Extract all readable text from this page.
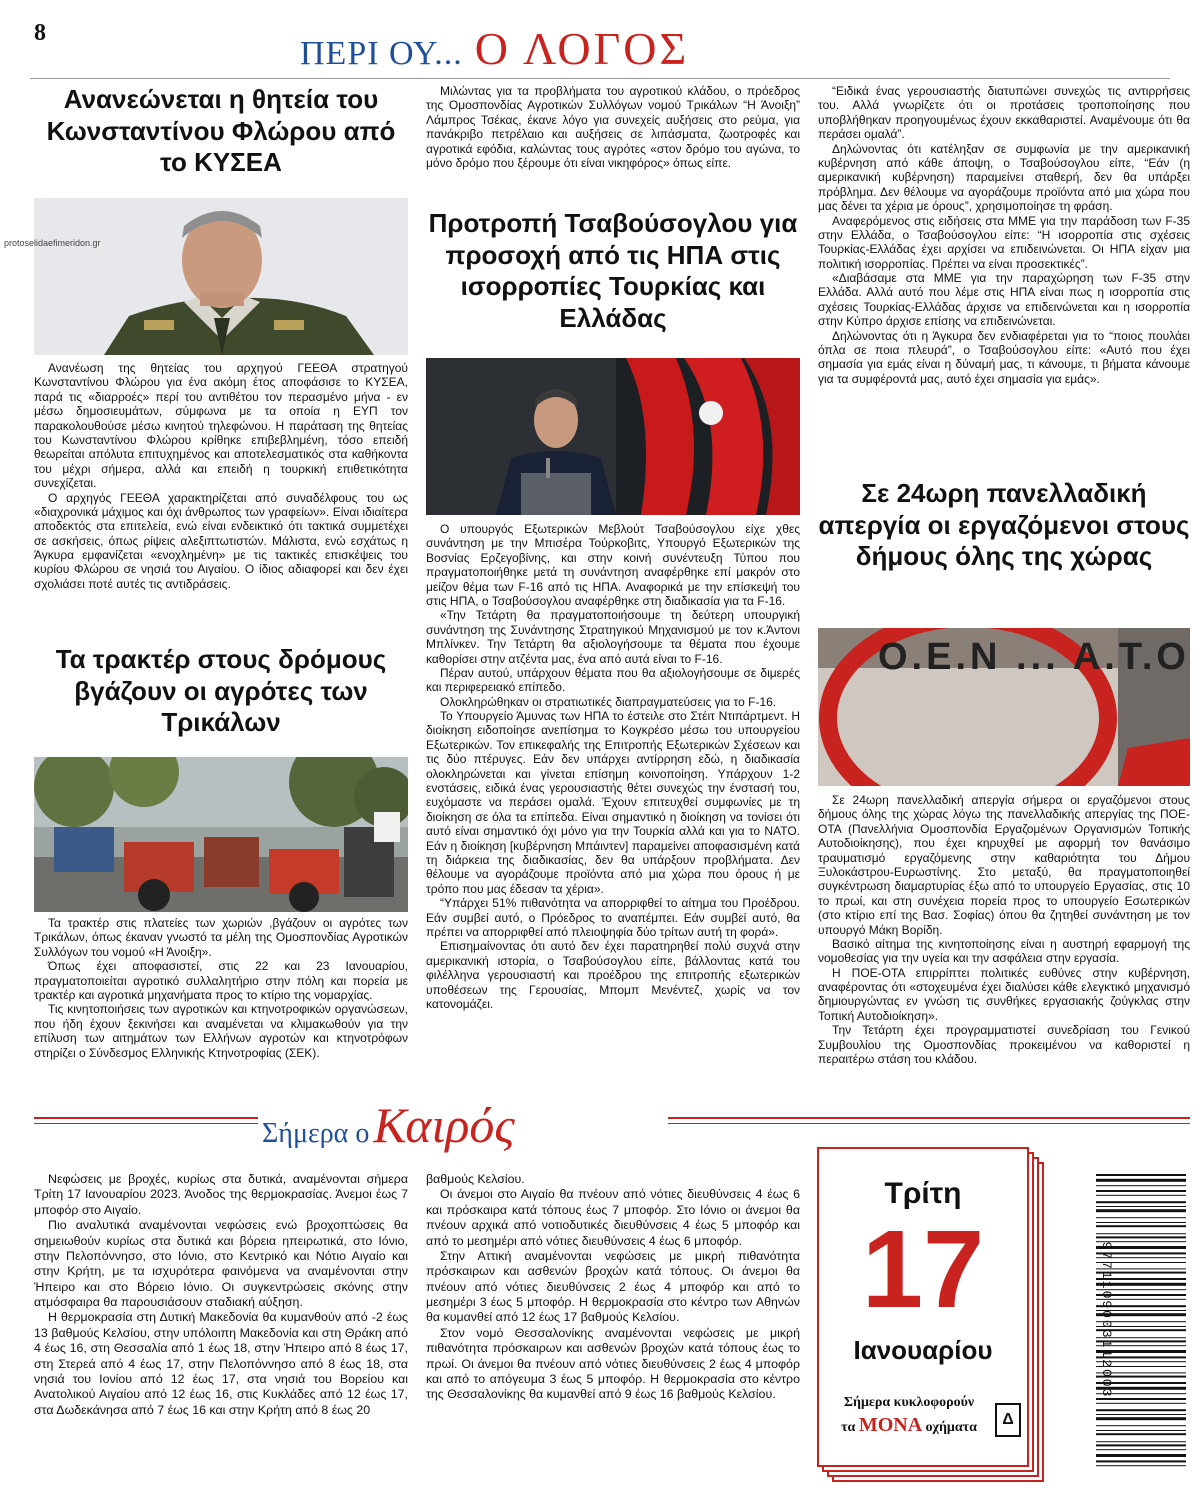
8
ΠΕΡΙ ΟΥ... Ο ΛΟΓΟΣ
Ανανεώνεται η θητεία του Κωνσταντίνου Φλώρου από το ΚΥΣΕΑ
protoselidaefimeridon.gr

Ανανέωση της θητείας του αρχηγού ΓΕΕΘΑ στρατηγού Κωνσταντίνου Φλώρου για ένα ακόμη έτος αποφάσισε το ΚΥΣΕΑ, παρά τις «διαρροές» περί του αντιθέτου τον περασμένο μήνα - εν μέσω δημοσιευμάτων, σύμφωνα με τα οποία η ΕΥΠ τον παρακολουθούσε μέσω κινητού τηλεφώνου. Η παράταση της θητείας του Κωνσταντίνου Φλώρου κρίθηκε επιβεβλημένη, τόσο επειδή θεωρείται απόλυτα επιτυχημένος και αποτελεσματικός στα καθήκοντα του μέχρι σήμερα, αλλά και επειδή η τουρκική επιθετικότητα συνεχίζεται.

Ο αρχηγός ΓΕΕΘΑ χαρακτηρίζεται από συναδέλφους του ως «διαχρονικά μάχιμος και όχι άνθρωπος των γραφείων». Είναι ιδιαίτερα αποδεκτός στα επιτελεία, ενώ είναι ενδεικτικό ότι τακτικά συμμετέχει σε ασκήσεις, όπως ρίψεις αλεξιπτωτιστών. Μάλιστα, ενώ εσχάτως η Άγκυρα εμφανίζεται «ενοχλημένη» με τις τακτικές επισκέψεις του κυρίου Φλώρου σε νησιά του Αιγαίου. Ο ίδιος αδιαφορεί και δεν έχει σχολιάσει ποτέ αυτές τις αντιδράσεις.

Τα τρακτέρ στους δρόμους βγάζουν οι αγρότες των Τρικάλων

Τα τρακτέρ στις πλατείες των χωριών ,βγάζουν οι αγρότες των Τρικάλων, όπως έκαναν γνωστό τα μέλη της Ομοσπονδίας Αγροτικών Συλλόγων του νομού «Η Άνοιξη».

Όπως έχει αποφασιστεί, στις 22 και 23 Ιανουαρίου, πραγματοποιείται αγροτικό συλλαλητήριο στην πόλη και πορεία με τρακτέρ και αγροτικά μηχανήματα προς το κτίριο της νομαρχίας.

Τις κινητοποιήσεις των αγροτικών και κτηνοτροφικών οργανώσεων, που ήδη έχουν ξεκινήσει και αναμένεται να κλιμακωθούν για την επίλυση των αιτημάτων των Ελλήνων αγροτών και κτηνοτρόφων στηρίζει ο Σύνδεσμος Ελληνικής Κτηνοτροφίας (ΣΕΚ).

Μιλώντας για τα προβλήματα του αγροτικού κλάδου, ο πρόεδρος της Ομοσπονδίας Αγροτικών Συλλόγων νομού Τρικάλων “Η Άνοιξη” Λάμπρος Τσέκας, έκανε λόγο για συνεχείς αυξήσεις στο ρεύμα, για πανάκριβο πετρέλαιο και αυξήσεις σε λιπάσματα, ζωοτροφές και αγροτικά εφόδια, καλώντας τους αγρότες «στον δρόμο του αγώνα, το μόνο δρόμο που ξέρουμε ότι είναι νικηφόρος» όπως είπε.

Προτροπή Τσαβούσογλου για προσοχή από τις ΗΠΑ στις ισορροπίες Τουρκίας και Ελλάδας

Ο υπουργός Εξωτερικών Μεβλούτ Τσαβούσογλου είχε χθες συνάντηση με την Μπισέρα Τούρκοβιτς, Υπουργό Εξωτερικών της Βοσνίας Ερζεγοβίνης, και στην κοινή συνέντευξη Τύπου που πραγματοποιήθηκε μετά τη συνάντηση αναφέρθηκε επί μακρόν στο μείζον θέμα των F-16 από τις ΗΠΑ. Αναφορικά με την επίσκεψή του στις ΗΠΑ, ο Τσαβούσογλου αναφέρθηκε στη διαδικασία για τα F-16.

«Την Τετάρτη θα πραγματοποιήσουμε τη δεύτερη υπουργική συνάντηση της Συνάντησης Στρατηγικού Μηχανισμού με τον κ.Άντονι Μπλίνκεν. Την Τετάρτη θα αξιολογήσουμε τα θέματα που έχουμε καθορίσει στην ατζέντα μας, ένα από αυτά είναι το F-16.

Πέραν αυτού, υπάρχουν θέματα που θα αξιολογήσουμε σε διμερές και περιφερειακό επίπεδο.

Ολοκληρώθηκαν οι στρατιωτικές διαπραγματεύσεις για το F-16.

Το Υπουργείο Άμυνας των ΗΠΑ το έστειλε στο Στέιτ Ντιπάρτμεντ. Η διοίκηση ειδοποίησε ανεπίσημα το Κογκρέσο μέσω του υπουργείου Εξωτερικών. Τον επικεφαλής της Επιτροπής Εξωτερικών Σχέσεων και τις δύο πτέρυγες. Εάν δεν υπάρχει αντίρρηση εδώ, η διαδικασία ολοκληρώνεται και γίνεται επίσημη κοινοποίηση. Υπάρχουν 1-2 ενστάσεις, ειδικά ένας γερουσιαστής θέτει συνεχώς την ένστασή του, ευχόμαστε να περάσει ομαλά. Έχουν επιτευχθεί συμφωνίες με τη διοίκηση σε όλα τα επίπεδα. Είναι σημαντικό η διοίκηση να τονίσει ότι αυτό είναι σημαντικό όχι μόνο για την Τουρκία αλλά και για το ΝΑΤΟ. Εάν η διοίκηση [κυβέρνηση Μπάιντεν] παραμείνει αποφασισμένη κατά τη διάρκεια της διαδικασίας, δεν θα υπάρξουν προβλήματα. Δεν θέλουμε να αγοράζουμε προϊόντα από μια χώρα που όρους ή με τρόπο που μας έδεσαν τα χέρια».

“Υπάρχει 51% πιθανότητα να απορριφθεί το αίτημα του Προέδρου. Εάν συμβεί αυτό, ο Πρόεδρος το αναπέμπει. Εάν συμβεί αυτό, θα πρέπει να απορριφθεί από πλειοψηφία δύο τρίτων αυτή τη φορά».

Επισημαίνοντας ότι αυτό δεν έχει παρατηρηθεί πολύ συχνά στην αμερικανική ιστορία, ο Τσαβούσογλου είπε, βάλλοντας κατά του φιλέλληνα γερουσιαστή και προέδρου της επιτροπής εξωτερικών υποθέσεων της Γερουσίας, Μπομπ Μενέντεζ, χωρίς να τον κατονομάζει.

“Ειδικά ένας γερουσιαστής διατυπώνει συνεχώς τις αντιρρήσεις του. Αλλά γνωρίζετε ότι οι προτάσεις τροποποίησης που υποβλήθηκαν προηγουμένως έχουν εκκαθαριστεί. Αναμένουμε ότι θα περάσει ομαλά”.

Δηλώνοντας ότι κατέληξαν σε συμφωνία με την αμερικανική κυβέρνηση από κάθε άποψη, ο Τσαβούσογλου είπε, “Εάν (η αμερικανική κυβέρνηση) παραμείνει σταθερή, δεν θα υπάρξει πρόβλημα. Δεν θέλουμε να αγοράζουμε προϊόντα από μια χώρα που μας δένει τα χέρια με όρους”, χρησιμοποίησε τη φράση.

Αναφερόμενος στις ειδήσεις στα ΜΜΕ για την παράδοση των F-35 στην Ελλάδα, ο Τσαβούσογλου είπε: “Η ισορροπία στις σχέσεις Τουρκίας-Ελλάδας έχει αρχίσει να επιδεινώνεται. Οι ΗΠΑ είχαν μια πολιτική ισορροπίας. Πρέπει να είναι προσεκτικές”.

«Διαβάσαμε στα ΜΜΕ για την παραχώρηση των F-35 στην Ελλάδα. Αλλά αυτό που λέμε στις ΗΠΑ είναι πως η ισορροπία στις σχέσεις Τουρκίας-Ελλάδας άρχισε να επιδεινώνεται και η ισορροπία στην Κύπρο άρχισε επίσης να επιδεινώνεται.

Δηλώνοντας ότι η Άγκυρα δεν ενδιαφέρεται για το “ποιος πουλάει όπλα σε ποια πλευρά”, ο Τσαβούσογλου είπε: «Αυτό που έχει σημασία για εμάς είναι η δύναμή μας, τι κάνουμε, τι βήματα κάνουμε για τα συμφέροντά μας, αυτό έχει σημασία για εμάς».

Σε 24ωρη πανελλαδική απεργία οι εργαζόμενοι στους δήμους όλης της χώρας
Ο.Ε.Ν ... Α.Τ.Ο

Σε 24ωρη πανελλαδική απεργία σήμερα οι εργαζόμενοι στους δήμους όλης της χώρας λόγω της πανελλαδικής απεργίας της ΠΟΕ-ΟΤΑ (Πανελλήνια Ομοσπονδία Εργαζομένων Οργανισμών Τοπικής Αυτοδιοίκησης), που έχει κηρυχθεί με αφορμή τον θανάσιμο τραυματισμό εργαζόμενης στην καθαριότητα του Δήμου Ξυλοκάστρου-Ευρωστίνης. Στο μεταξύ, θα πραγματοποιηθεί συγκέντρωση διαμαρτυρίας έξω από το υπουργείο Εργασίας, στις 10 το πρωί, και στη συνέχεια πορεία προς το υπουργείο Εσωτερικών (στο κτίριο επί της Βασ. Σοφίας) όπου θα ζητηθεί συνάντηση με τον υπουργό Μάκη Βορίδη.

Βασικό αίτημα της κινητοποίησης είναι η αυστηρή εφαρμογή της νομοθεσίας για την υγεία και την ασφάλεια στην εργασία.

Η ΠΟΕ-ΟΤΑ επιρρίπτει πολιτικές ευθύνες στην κυβέρνηση, αναφέροντας ότι «στοχευμένα έχει διαλύσει κάθε ελεγκτικό μηχανισμό δημιουργώντας εν γνώση τις συνθήκες εργασιακής ζούγκλας στην Τοπική Αυτοδιοίκηση».

Την Τετάρτη έχει προγραμματιστεί συνεδρίαση του Γενικού Συμβουλίου της Ομοσπονδίας προκειμένου να καθοριστεί η περαιτέρω στάση του κλάδου.

Σήμερα ο Καιρός

Νεφώσεις με βροχές, κυρίως στα δυτικά, αναμένονται σήμερα Τρίτη 17 Ιανουαρίου 2023. Άνοδος της θερμοκρασίας. Άνεμοι έως 7 μποφόρ στο Αιγαίο.

Πιο αναλυτικά αναμένονται νεφώσεις ενώ βροχοπτώσεις θα σημειωθούν κυρίως στα δυτικά και βόρεια ηπειρωτικά, στο Ιόνιο, στην Πελοπόννησο, στο Ιόνιο, στο Κεντρικό και Νότιο Αιγαίο και στην Κρήτη, με τα ισχυρότερα φαινόμενα να αναμένονται στην Ήπειρο και στο Βόρειο Ιόνιο. Οι συγκεντρώσεις σκόνης στην ατμόσφαιρα θα παρουσιάσουν σταδιακή αύξηση.

Η θερμοκρασία στη Δυτική Μακεδονία θα κυμανθούν από -2 έως 13 βαθμούς Κελσίου, στην υπόλοιπη Μακεδονία και στη Θράκη από 4 έως 16, στη Θεσσαλία από 1 έως 18, στην Ήπειρο από 8 έως 17, στη Στερεά από 4 έως 17, στην Πελοπόννησο από 8 έως 18, στα νησιά του Ιονίου από 12 έως 17, στα νησιά του Βορείου και Ανατολικού Αιγαίου από 12 έως 16, στις Κυκλάδες από 12 έως 17, στα Δωδεκάνησα από 7 έως 16 και στην Κρήτη από 8 έως 20

βαθμούς Κελσίου.

Οι άνεμοι στο Αιγαίο θα πνέουν από νότιες διευθύνσεις 4 έως 6 και πρόσκαιρα κατά τόπους έως 7 μποφόρ. Στο Ιόνιο οι άνεμοι θα πνέουν αρχικά από νοτιοδυτικές διευθύνσεις 4 έως 5 μποφόρ και από το μεσημέρι από νότιες διευθύνσεις 4 έως 6 μποφόρ.

Στην Αττική αναμένονται νεφώσεις με μικρή πιθανότητα πρόσκαιρων και ασθενών βροχών κατά τόπους. Οι άνεμοι θα πνέουν από νότιες διευθύνσεις 2 έως 4 μποφόρ και από το μεσημέρι 3 έως 5 μποφόρ. Η θερμοκρασία στο κέντρο των Αθηνών θα κυμανθεί από 12 έως 17 βαθμούς Κελσίου.

Στον νομό Θεσσαλονίκης αναμένονται νεφώσεις με μικρή πιθανότητα πρόσκαιρων και ασθενών βροχών κατά τόπους έως το πρωί. Οι άνεμοι θα πνέουν από νότιες διευθύνσεις 2 έως 4 μποφόρ και από το απόγευμα 3 έως 5 μποφόρ. Η θερμοκρασία στο κέντρο της Θεσσαλονίκης θα κυμανθεί από 9 έως 16 βαθμούς Κελσίου.

Τρίτη
17
Ιανουαρίου
Σήμερα κυκλοφορούν
τα ΜΟΝΑ οχήματα	Δ
9771109003112003
